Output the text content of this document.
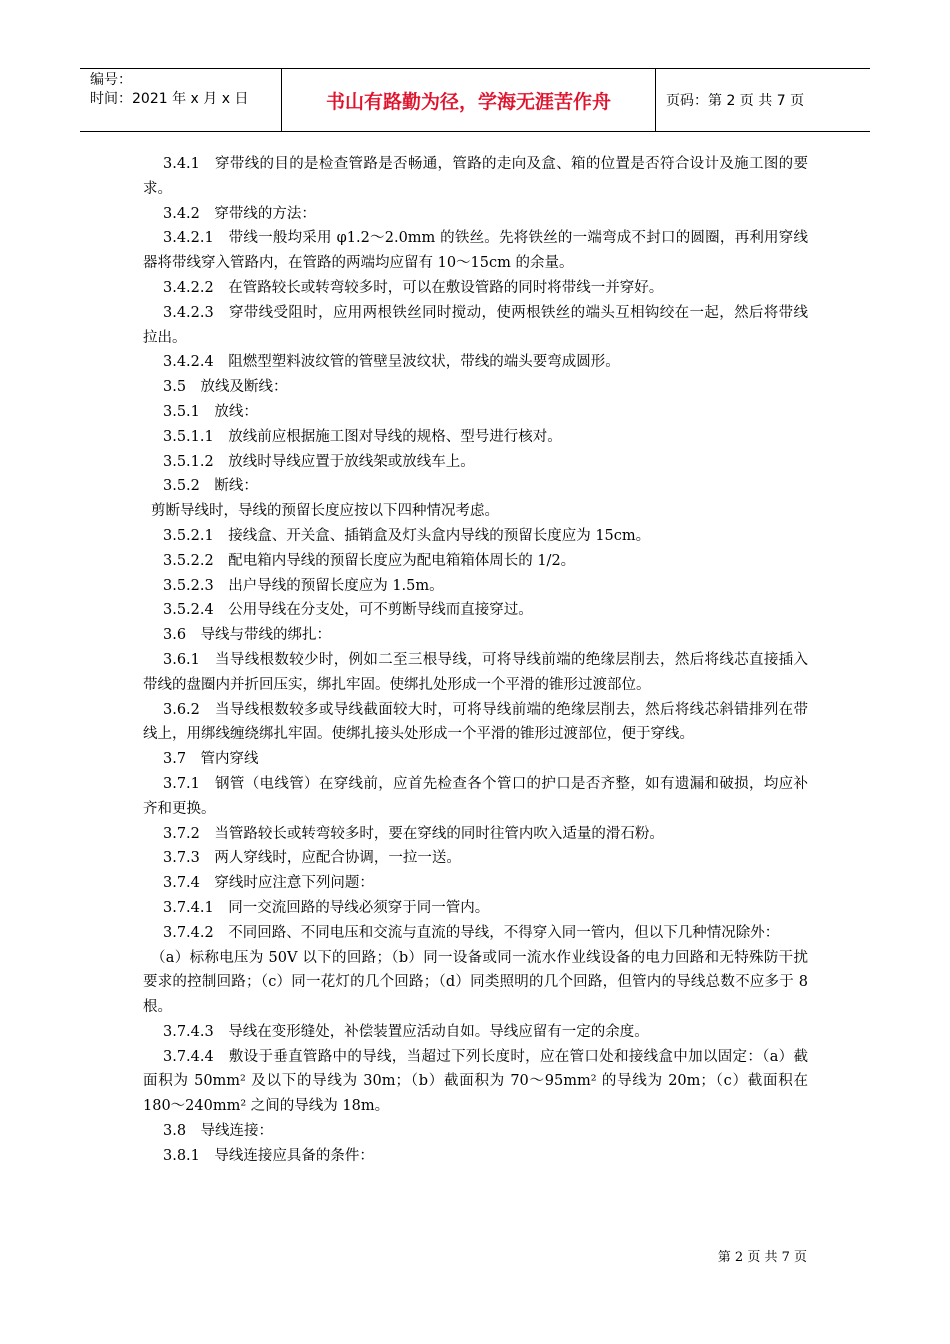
编号：
时间：2021 年 x 月 x 日	书山有路勤为径，学海无涯苦作舟	页码：第 2 页 共 7 页

3.4.1　穿带线的目的是检查管路是否畅通，管路的走向及盒、箱的位置是否符合设计及施工图的要求。

3.4.2　穿带线的方法：

3.4.2.1　带线一般均采用 φ1.2～2.0mm 的铁丝。先将铁丝的一端弯成不封口的圆圈，再利用穿线器将带线穿入管路内，在管路的两端均应留有 10～15cm 的余量。

3.4.2.2　在管路较长或转弯较多时，可以在敷设管路的同时将带线一并穿好。

3.4.2.3　穿带线受阻时，应用两根铁丝同时搅动，使两根铁丝的端头互相钩绞在一起，然后将带线拉出。

3.4.2.4　阻燃型塑料波纹管的管壁呈波纹状，带线的端头要弯成圆形。

3.5　放线及断线：

3.5.1　放线：

3.5.1.1　放线前应根据施工图对导线的规格、型号进行核对。

3.5.1.2　放线时导线应置于放线架或放线车上。

3.5.2　断线：

剪断导线时，导线的预留长度应按以下四种情况考虑。

3.5.2.1　接线盒、开关盒、插销盒及灯头盒内导线的预留长度应为 15cm。

3.5.2.2　配电箱内导线的预留长度应为配电箱箱体周长的 1/2。

3.5.2.3　出户导线的预留长度应为 1.5m。

3.5.2.4　公用导线在分支处，可不剪断导线而直接穿过。

3.6　导线与带线的绑扎：

3.6.1　当导线根数较少时，例如二至三根导线，可将导线前端的绝缘层削去，然后将线芯直接插入带线的盘圈内并折回压实，绑扎牢固。使绑扎处形成一个平滑的锥形过渡部位。

3.6.2　当导线根数较多或导线截面较大时，可将导线前端的绝缘层削去，然后将线芯斜错排列在带线上，用绑线缠绕绑扎牢固。使绑扎接头处形成一个平滑的锥形过渡部位，便于穿线。

3.7　管内穿线

3.7.1　钢管（电线管）在穿线前，应首先检查各个管口的护口是否齐整，如有遗漏和破损，均应补齐和更换。

3.7.2　当管路较长或转弯较多时，要在穿线的同时往管内吹入适量的滑石粉。

3.7.3　两人穿线时，应配合协调，一拉一送。

3.7.4　穿线时应注意下列问题：

3.7.4.1　同一交流回路的导线必须穿于同一管内。

3.7.4.2　不同回路、不同电压和交流与直流的导线，不得穿入同一管内，但以下几种情况除外：

（a）标称电压为 50V 以下的回路；（b）同一设备或同一流水作业线设备的电力回路和无特殊防干扰要求的控制回路；（c）同一花灯的几个回路；（d）同类照明的几个回路，但管内的导线总数不应多于 8 根。

3.7.4.3　导线在变形缝处，补偿装置应活动自如。导线应留有一定的余度。

3.7.4.4　敷设于垂直管路中的导线，当超过下列长度时，应在管口处和接线盒中加以固定：（a）截面积为 50mm² 及以下的导线为 30m；（b）截面积为 70～95mm² 的导线为 20m；（c）截面积在 180～240mm² 之间的导线为 18m。

3.8　导线连接：

3.8.1　导线连接应具备的条件：

第 2 页 共 7 页
